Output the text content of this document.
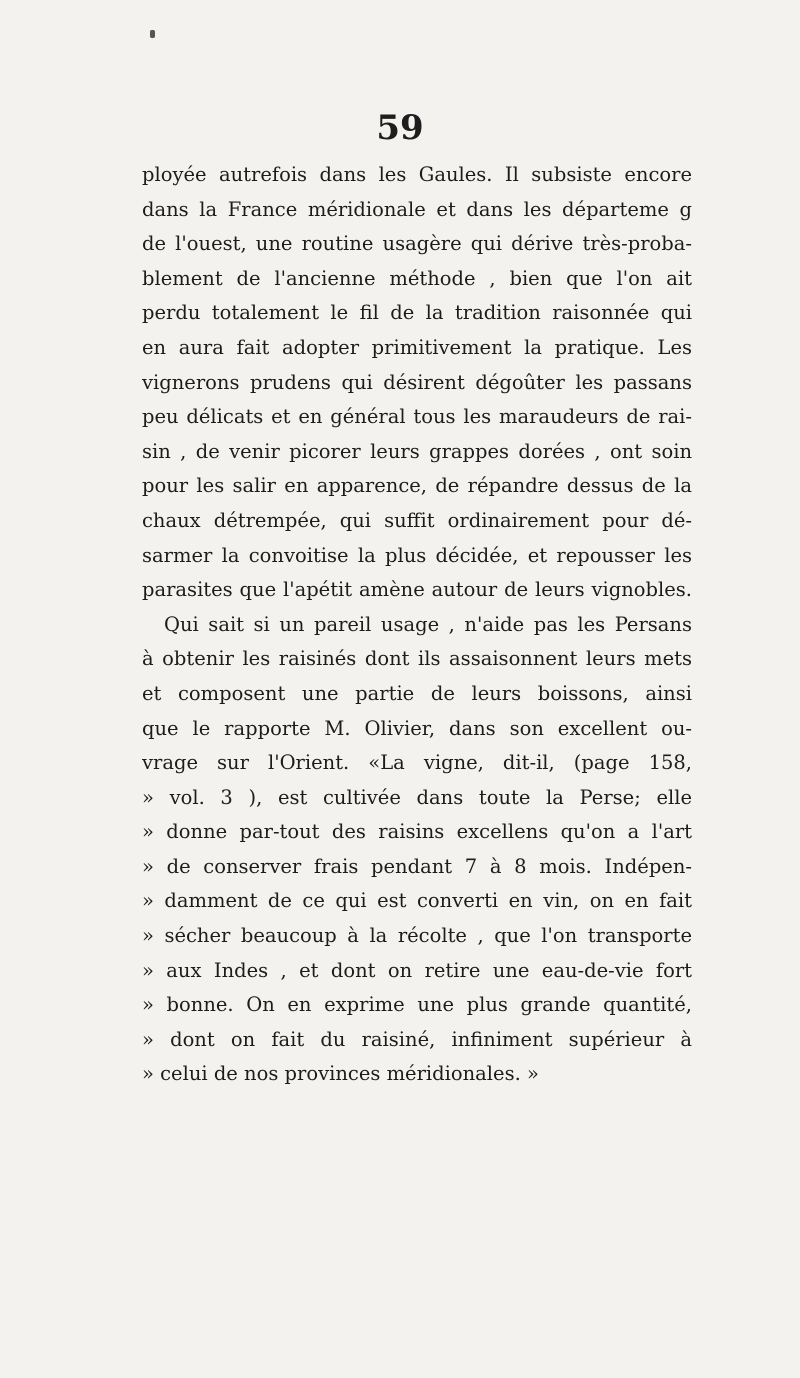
59
ployée autrefois dans les Gaules. Il subsiste encore
dans la France méridionale et dans les départeme g
de l'ouest, une routine usagère qui dérive très-proba-
blement de l'ancienne méthode , bien que l'on ait
perdu totalement le fil de la tradition raisonnée qui
en aura fait adopter primitivement la pratique. Les
vignerons prudens qui désirent dégoûter les passans
peu délicats et en général tous les maraudeurs de rai-
sin , de venir picorer leurs grappes dorées , ont soin
pour les salir en apparence, de répandre dessus de la
chaux détrempée, qui suffit ordinairement pour dé-
sarmer la convoitise la plus décidée, et repousser les
parasites que l'apétit amène autour de leurs vignobles.
Qui sait si un pareil usage , n'aide pas les Persans
à obtenir les raisinés dont ils assaisonnent leurs mets
et composent une partie de leurs boissons, ainsi
que le rapporte M. Olivier, dans son excellent ou-
vrage sur l'Orient. «La vigne, dit-il, (page 158,
» vol. 3 ), est cultivée dans toute la Perse; elle
» donne par-tout des raisins excellens qu'on a l'art
» de conserver frais pendant 7 à 8 mois. Indépen-
» damment de ce qui est converti en vin, on en fait
» sécher beaucoup à la récolte , que l'on transporte
» aux Indes , et dont on retire une eau-de-vie fort
» bonne. On en exprime une plus grande quantité,
» dont on fait du raisiné, infiniment supérieur à
» celui de nos provinces méridionales. »
